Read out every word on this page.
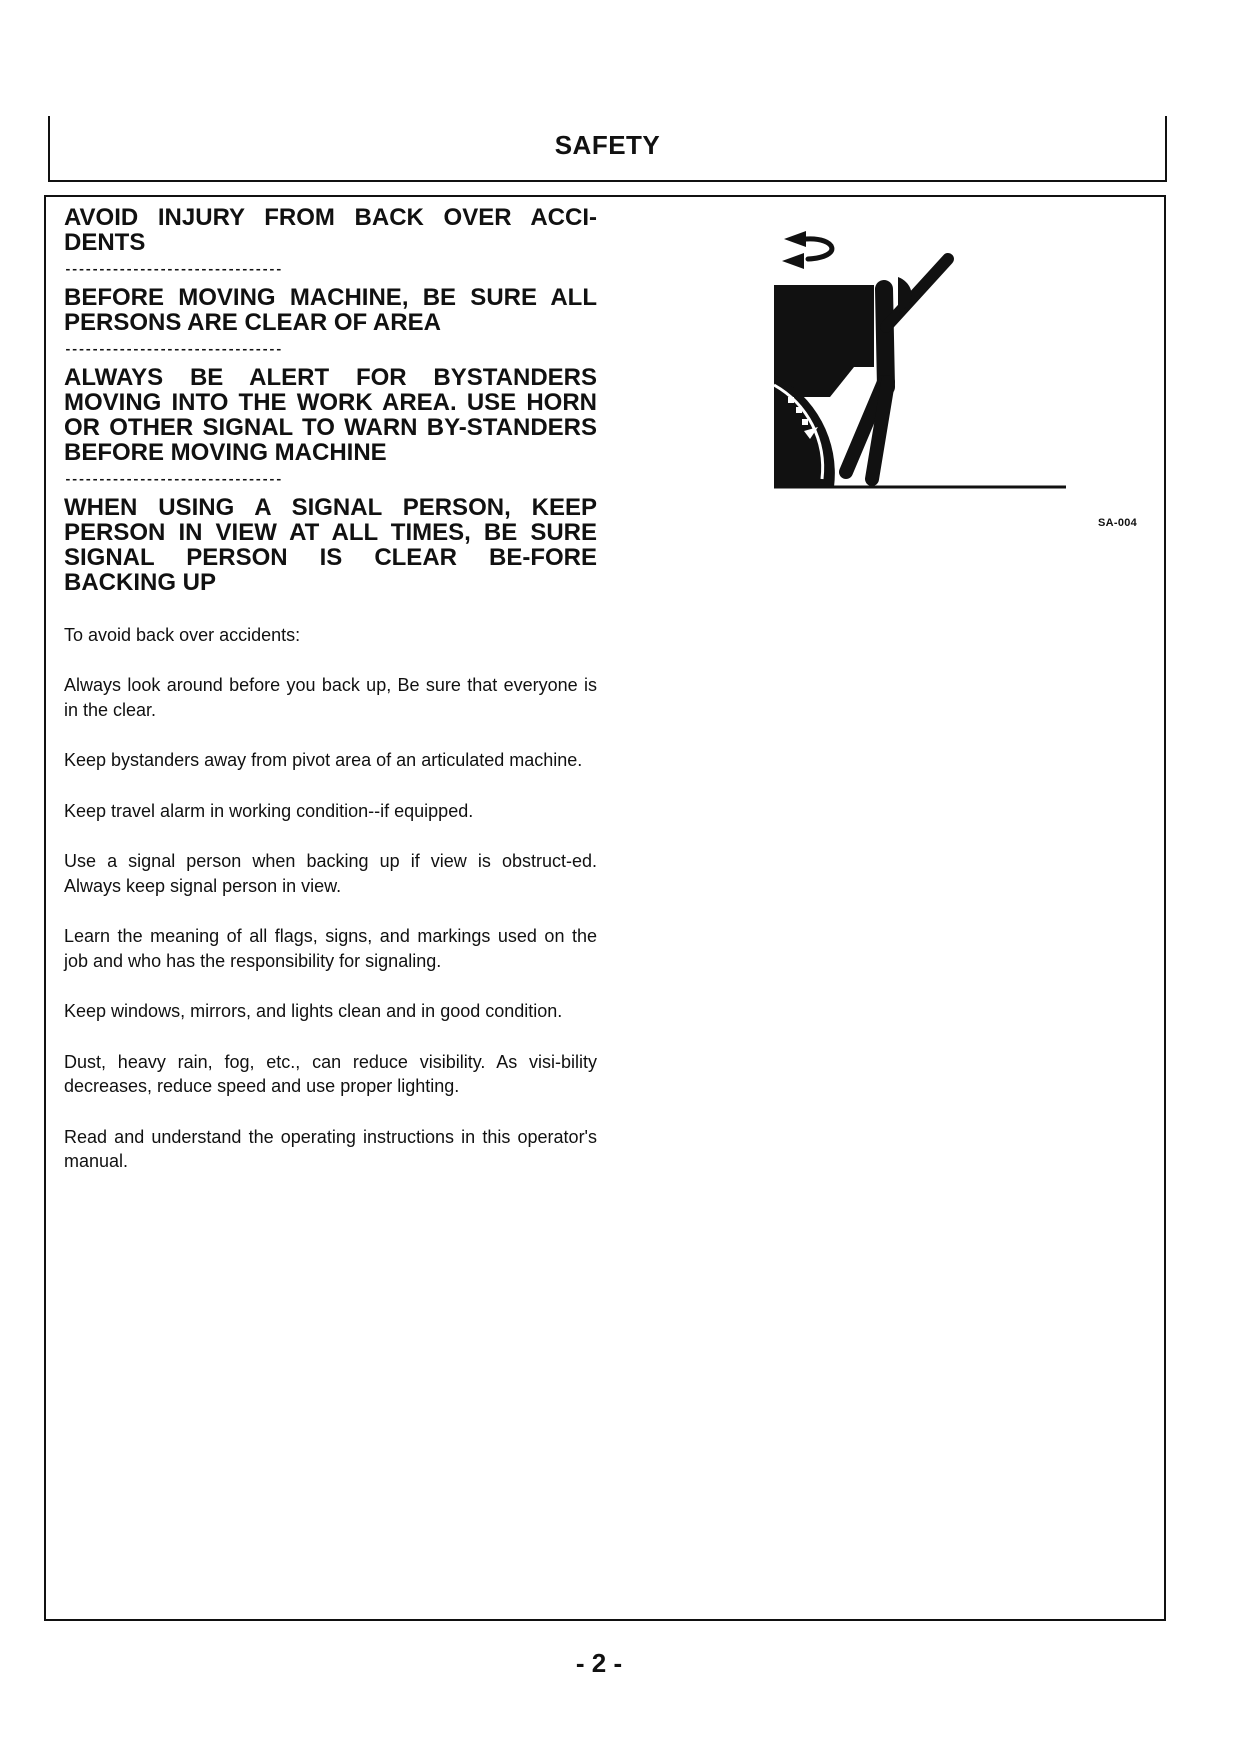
SAFETY

AVOID INJURY FROM BACK OVER ACCI-DENTS

--------------------------------

BEFORE MOVING MACHINE, BE SURE ALL PERSONS ARE CLEAR OF AREA

--------------------------------

ALWAYS BE ALERT FOR BYSTANDERS MOVING INTO THE WORK AREA. USE HORN OR OTHER SIGNAL TO WARN BY-STANDERS BEFORE MOVING MACHINE

--------------------------------

WHEN USING A SIGNAL PERSON, KEEP PERSON IN VIEW AT ALL TIMES, BE SURE SIGNAL PERSON IS CLEAR BE-FORE BACKING UP

To avoid back over accidents:

Always look around before you back up, Be sure that everyone is in the clear.

Keep bystanders away from pivot area of an articulated machine.

Keep travel alarm in working condition--if equipped.

Use a signal person when backing up if view is obstruct-ed. Always keep signal person in view.

Learn the meaning of all flags, signs, and markings used on the job and who has the responsibility for signaling.

Keep windows, mirrors, and lights clean and in good condition.

Dust, heavy rain, fog, etc., can reduce visibility. As visi-bility decreases, reduce speed and use proper lighting.

Read and understand the operating instructions in this operator's manual.

SA-004
- 2 -
